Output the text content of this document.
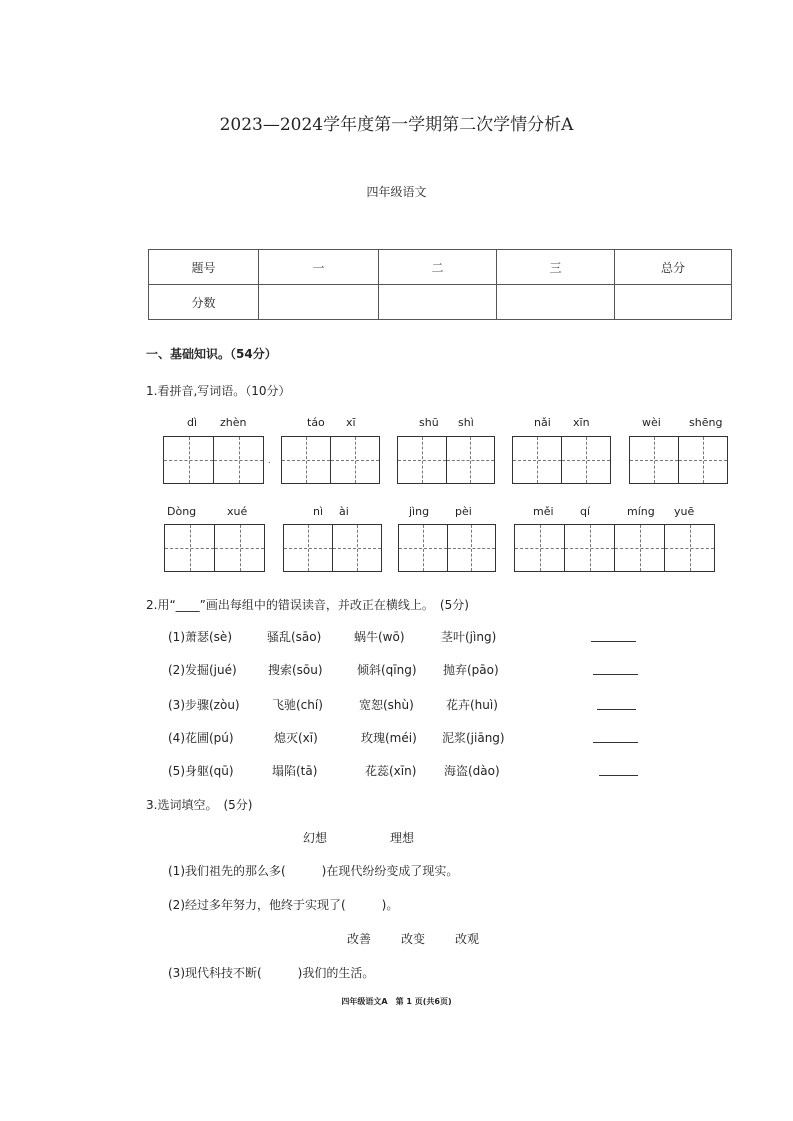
2023—2024学年度第一学期第二次学情分析A
四年级语文
题号	一	二	三	总分
分数				
一、基础知识。（54分）
1.看拼音,写词语。（10分）
dì zhèn	táo xī	shū shì	nǎi xīn	wèi	shēng
.
Dòng	xué	nì ài	jìng pèi	měi qí	míng yuē
2.用“____”画出每组中的错误读音，并改正在横线上。　(5分)
(1)萧瑟(sè)	骚乱(sāo)	蜗牛(wō)	茎叶(jìng)
(2)发掘(jué)	搜索(sōu)	倾斜(qīng) 抛弃(pāo)
(3)步骤(zòu)	飞驰(chí)	宽恕(shù)	花卉(huì)
(4)花圃(pú)	熄灭(xī)	玫瑰(méi) 泥浆(jiāng)
(5)身躯(qū)	塌陷(tā)	花蕊(xīn) 海盗(dào)
3.选词填空。　(5分)
幻想	理想
(1)我们祖先的那么多(　　　)在现代纷纷变成了现实。
(2)经过多年努力，他终于实现了(　　　)。
改善 改变 改观
(3)现代科技不断(　　　)我们的生活。
四年级语文A　第 1 页(共6页)
